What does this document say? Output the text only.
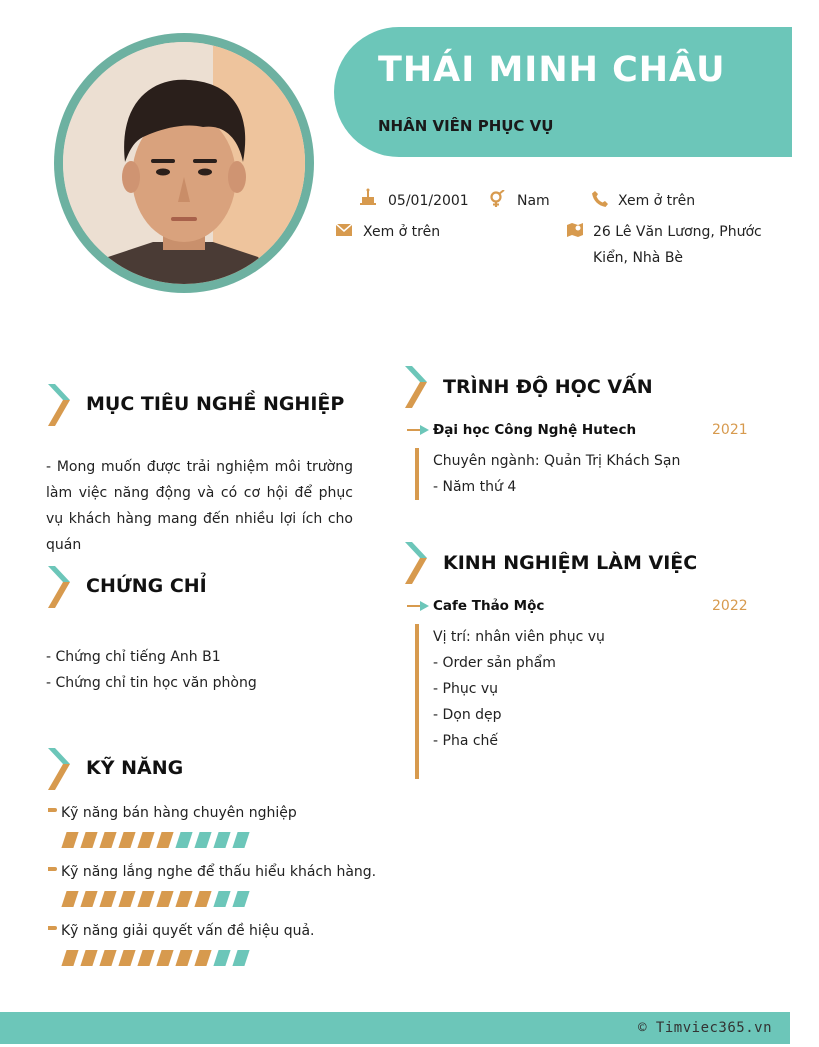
THÁI MINH CHÂU
NHÂN VIÊN PHỤC VỤ
05/01/2001	Nam	Xem ở trên
Xem ở trên	26 Lê Văn Lương, Phước
Kiển, Nhà Bè
MỤC TIÊU NGHỀ NGHIỆP
- Mong muốn được trải nghiệm môi trường làm việc năng động và có cơ hội để phục vụ khách hàng mang đến nhiều lợi ích cho quán
CHỨNG CHỈ
- Chứng chỉ tiếng Anh B1
- Chứng chỉ tin học văn phòng
KỸ NĂNG
Kỹ năng bán hàng chuyên nghiệp
Kỹ năng lắng nghe để thấu hiểu khách hàng.
Kỹ năng giải quyết vấn đề hiệu quả.
TRÌNH ĐỘ HỌC VẤN
Đại học Công Nghệ Hutech	2021
Chuyên ngành: Quản Trị Khách Sạn
- Năm thứ 4
KINH NGHIỆM LÀM VIỆC
Cafe Thảo Mộc	2022
Vị trí: nhân viên phục vụ
- Order sản phẩm
- Phục vụ
- Dọn dẹp
- Pha chế
© Timviec365.vn
